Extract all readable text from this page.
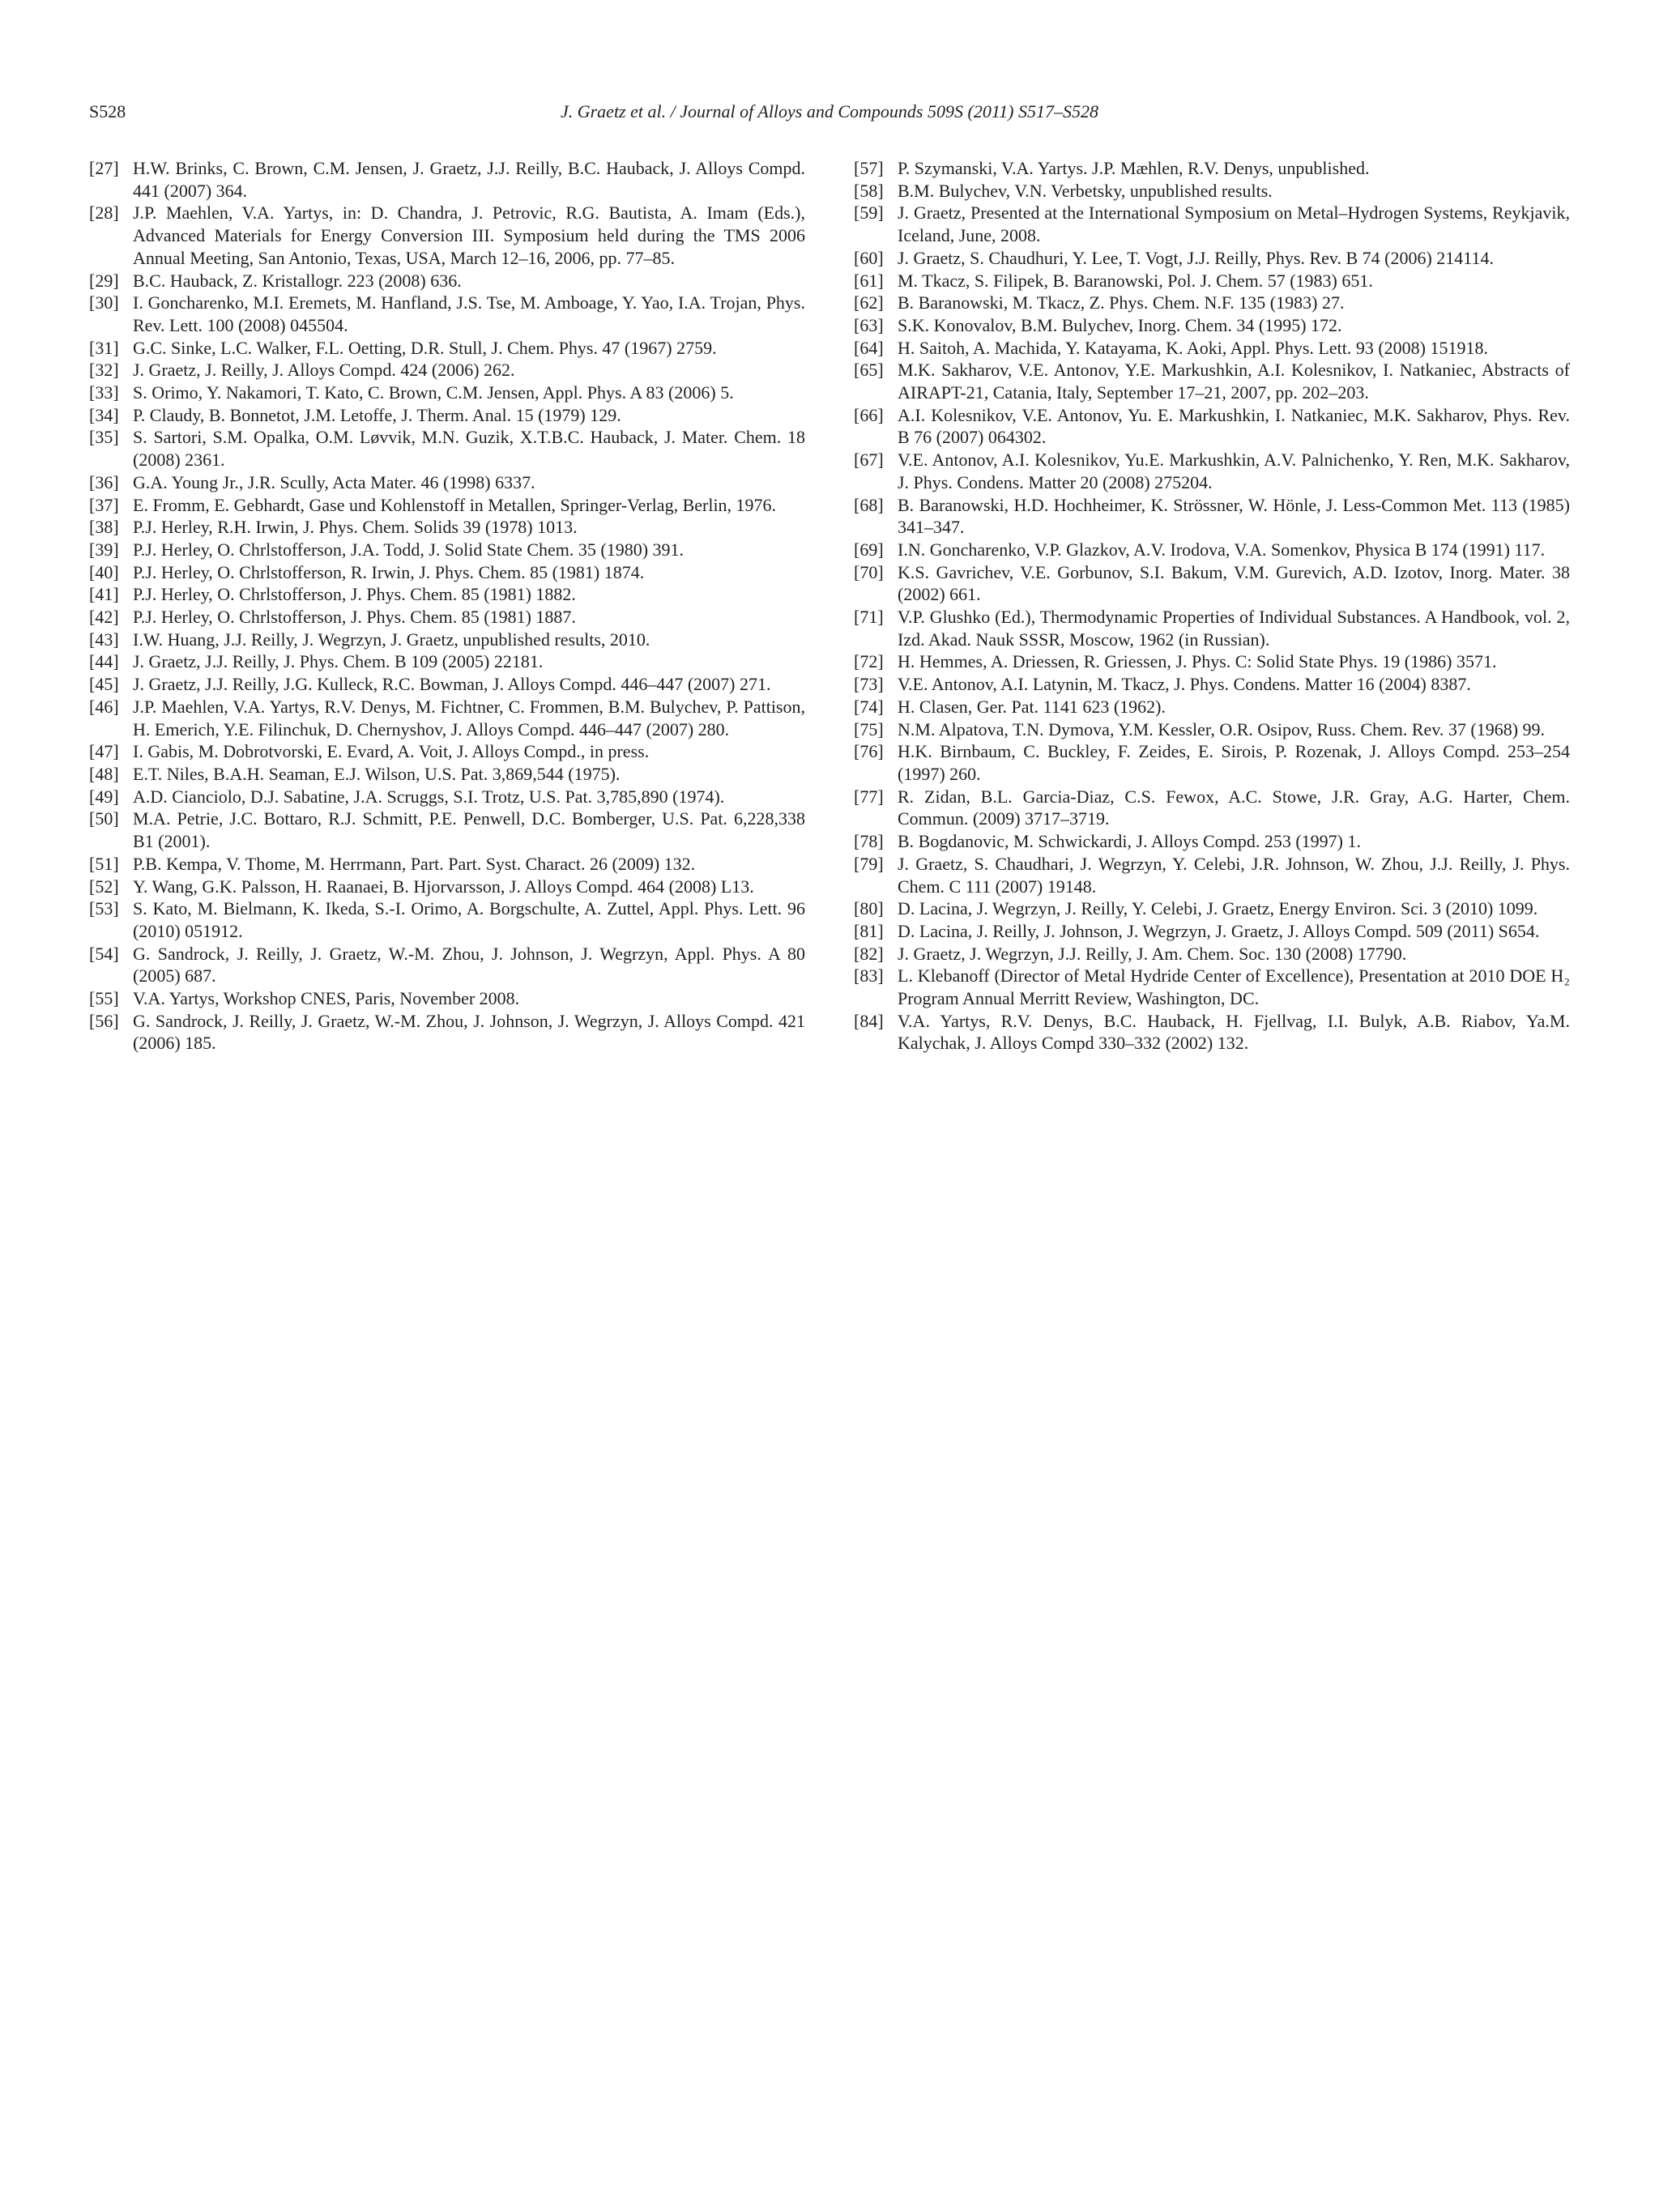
S528	J. Graetz et al. / Journal of Alloys and Compounds 509S (2011) S517–S528
[27] H.W. Brinks, C. Brown, C.M. Jensen, J. Graetz, J.J. Reilly, B.C. Hauback, J. Alloys Compd. 441 (2007) 364.
[28] J.P. Maehlen, V.A. Yartys, in: D. Chandra, J. Petrovic, R.G. Bautista, A. Imam (Eds.), Advanced Materials for Energy Conversion III. Symposium held during the TMS 2006 Annual Meeting, San Antonio, Texas, USA, March 12–16, 2006, pp. 77–85.
[29] B.C. Hauback, Z. Kristallogr. 223 (2008) 636.
[30] I. Goncharenko, M.I. Eremets, M. Hanfland, J.S. Tse, M. Amboage, Y. Yao, I.A. Trojan, Phys. Rev. Lett. 100 (2008) 045504.
[31] G.C. Sinke, L.C. Walker, F.L. Oetting, D.R. Stull, J. Chem. Phys. 47 (1967) 2759.
[32] J. Graetz, J. Reilly, J. Alloys Compd. 424 (2006) 262.
[33] S. Orimo, Y. Nakamori, T. Kato, C. Brown, C.M. Jensen, Appl. Phys. A 83 (2006) 5.
[34] P. Claudy, B. Bonnetot, J.M. Letoffe, J. Therm. Anal. 15 (1979) 129.
[35] S. Sartori, S.M. Opalka, O.M. Løvvik, M.N. Guzik, X.T.B.C. Hauback, J. Mater. Chem. 18 (2008) 2361.
[36] G.A. Young Jr., J.R. Scully, Acta Mater. 46 (1998) 6337.
[37] E. Fromm, E. Gebhardt, Gase und Kohlenstoff in Metallen, Springer-Verlag, Berlin, 1976.
[38] P.J. Herley, R.H. Irwin, J. Phys. Chem. Solids 39 (1978) 1013.
[39] P.J. Herley, O. Chrlstofferson, J.A. Todd, J. Solid State Chem. 35 (1980) 391.
[40] P.J. Herley, O. Chrlstofferson, R. Irwin, J. Phys. Chem. 85 (1981) 1874.
[41] P.J. Herley, O. Chrlstofferson, J. Phys. Chem. 85 (1981) 1882.
[42] P.J. Herley, O. Chrlstofferson, J. Phys. Chem. 85 (1981) 1887.
[43] I.W. Huang, J.J. Reilly, J. Wegrzyn, J. Graetz, unpublished results, 2010.
[44] J. Graetz, J.J. Reilly, J. Phys. Chem. B 109 (2005) 22181.
[45] J. Graetz, J.J. Reilly, J.G. Kulleck, R.C. Bowman, J. Alloys Compd. 446–447 (2007) 271.
[46] J.P. Maehlen, V.A. Yartys, R.V. Denys, M. Fichtner, C. Frommen, B.M. Bulychev, P. Pattison, H. Emerich, Y.E. Filinchuk, D. Chernyshov, J. Alloys Compd. 446–447 (2007) 280.
[47] I. Gabis, M. Dobrotvorski, E. Evard, A. Voit, J. Alloys Compd., in press.
[48] E.T. Niles, B.A.H. Seaman, E.J. Wilson, U.S. Pat. 3,869,544 (1975).
[49] A.D. Cianciolo, D.J. Sabatine, J.A. Scruggs, S.I. Trotz, U.S. Pat. 3,785,890 (1974).
[50] M.A. Petrie, J.C. Bottaro, R.J. Schmitt, P.E. Penwell, D.C. Bomberger, U.S. Pat. 6,228,338 B1 (2001).
[51] P.B. Kempa, V. Thome, M. Herrmann, Part. Part. Syst. Charact. 26 (2009) 132.
[52] Y. Wang, G.K. Palsson, H. Raanaei, B. Hjorvarsson, J. Alloys Compd. 464 (2008) L13.
[53] S. Kato, M. Bielmann, K. Ikeda, S.-I. Orimo, A. Borgschulte, A. Zuttel, Appl. Phys. Lett. 96 (2010) 051912.
[54] G. Sandrock, J. Reilly, J. Graetz, W.-M. Zhou, J. Johnson, J. Wegrzyn, Appl. Phys. A 80 (2005) 687.
[55] V.A. Yartys, Workshop CNES, Paris, November 2008.
[56] G. Sandrock, J. Reilly, J. Graetz, W.-M. Zhou, J. Johnson, J. Wegrzyn, J. Alloys Compd. 421 (2006) 185.
[57] P. Szymanski, V.A. Yartys. J.P. Mæhlen, R.V. Denys, unpublished.
[58] B.M. Bulychev, V.N. Verbetsky, unpublished results.
[59] J. Graetz, Presented at the International Symposium on Metal–Hydrogen Systems, Reykjavik, Iceland, June, 2008.
[60] J. Graetz, S. Chaudhuri, Y. Lee, T. Vogt, J.J. Reilly, Phys. Rev. B 74 (2006) 214114.
[61] M. Tkacz, S. Filipek, B. Baranowski, Pol. J. Chem. 57 (1983) 651.
[62] B. Baranowski, M. Tkacz, Z. Phys. Chem. N.F. 135 (1983) 27.
[63] S.K. Konovalov, B.M. Bulychev, Inorg. Chem. 34 (1995) 172.
[64] H. Saitoh, A. Machida, Y. Katayama, K. Aoki, Appl. Phys. Lett. 93 (2008) 151918.
[65] M.K. Sakharov, V.E. Antonov, Y.E. Markushkin, A.I. Kolesnikov, I. Natkaniec, Abstracts of AIRAPT-21, Catania, Italy, September 17–21, 2007, pp. 202–203.
[66] A.I. Kolesnikov, V.E. Antonov, Yu. E. Markushkin, I. Natkaniec, M.K. Sakharov, Phys. Rev. B 76 (2007) 064302.
[67] V.E. Antonov, A.I. Kolesnikov, Yu.E. Markushkin, A.V. Palnichenko, Y. Ren, M.K. Sakharov, J. Phys. Condens. Matter 20 (2008) 275204.
[68] B. Baranowski, H.D. Hochheimer, K. Strössner, W. Hönle, J. Less-Common Met. 113 (1985) 341–347.
[69] I.N. Goncharenko, V.P. Glazkov, A.V. Irodova, V.A. Somenkov, Physica B 174 (1991) 117.
[70] K.S. Gavrichev, V.E. Gorbunov, S.I. Bakum, V.M. Gurevich, A.D. Izotov, Inorg. Mater. 38 (2002) 661.
[71] V.P. Glushko (Ed.), Thermodynamic Properties of Individual Substances. A Handbook, vol. 2, Izd. Akad. Nauk SSSR, Moscow, 1962 (in Russian).
[72] H. Hemmes, A. Driessen, R. Griessen, J. Phys. C: Solid State Phys. 19 (1986) 3571.
[73] V.E. Antonov, A.I. Latynin, M. Tkacz, J. Phys. Condens. Matter 16 (2004) 8387.
[74] H. Clasen, Ger. Pat. 1141 623 (1962).
[75] N.M. Alpatova, T.N. Dymova, Y.M. Kessler, O.R. Osipov, Russ. Chem. Rev. 37 (1968) 99.
[76] H.K. Birnbaum, C. Buckley, F. Zeides, E. Sirois, P. Rozenak, J. Alloys Compd. 253–254 (1997) 260.
[77] R. Zidan, B.L. Garcia-Diaz, C.S. Fewox, A.C. Stowe, J.R. Gray, A.G. Harter, Chem. Commun. (2009) 3717–3719.
[78] B. Bogdanovic, M. Schwickardi, J. Alloys Compd. 253 (1997) 1.
[79] J. Graetz, S. Chaudhari, J. Wegrzyn, Y. Celebi, J.R. Johnson, W. Zhou, J.J. Reilly, J. Phys. Chem. C 111 (2007) 19148.
[80] D. Lacina, J. Wegrzyn, J. Reilly, Y. Celebi, J. Graetz, Energy Environ. Sci. 3 (2010) 1099.
[81] D. Lacina, J. Reilly, J. Johnson, J. Wegrzyn, J. Graetz, J. Alloys Compd. 509 (2011) S654.
[82] J. Graetz, J. Wegrzyn, J.J. Reilly, J. Am. Chem. Soc. 130 (2008) 17790.
[83] L. Klebanoff (Director of Metal Hydride Center of Excellence), Presentation at 2010 DOE H₂ Program Annual Merritt Review, Washington, DC.
[84] V.A. Yartys, R.V. Denys, B.C. Hauback, H. Fjellvag, I.I. Bulyk, A.B. Riabov, Ya.M. Kalychak, J. Alloys Compd 330–332 (2002) 132.
